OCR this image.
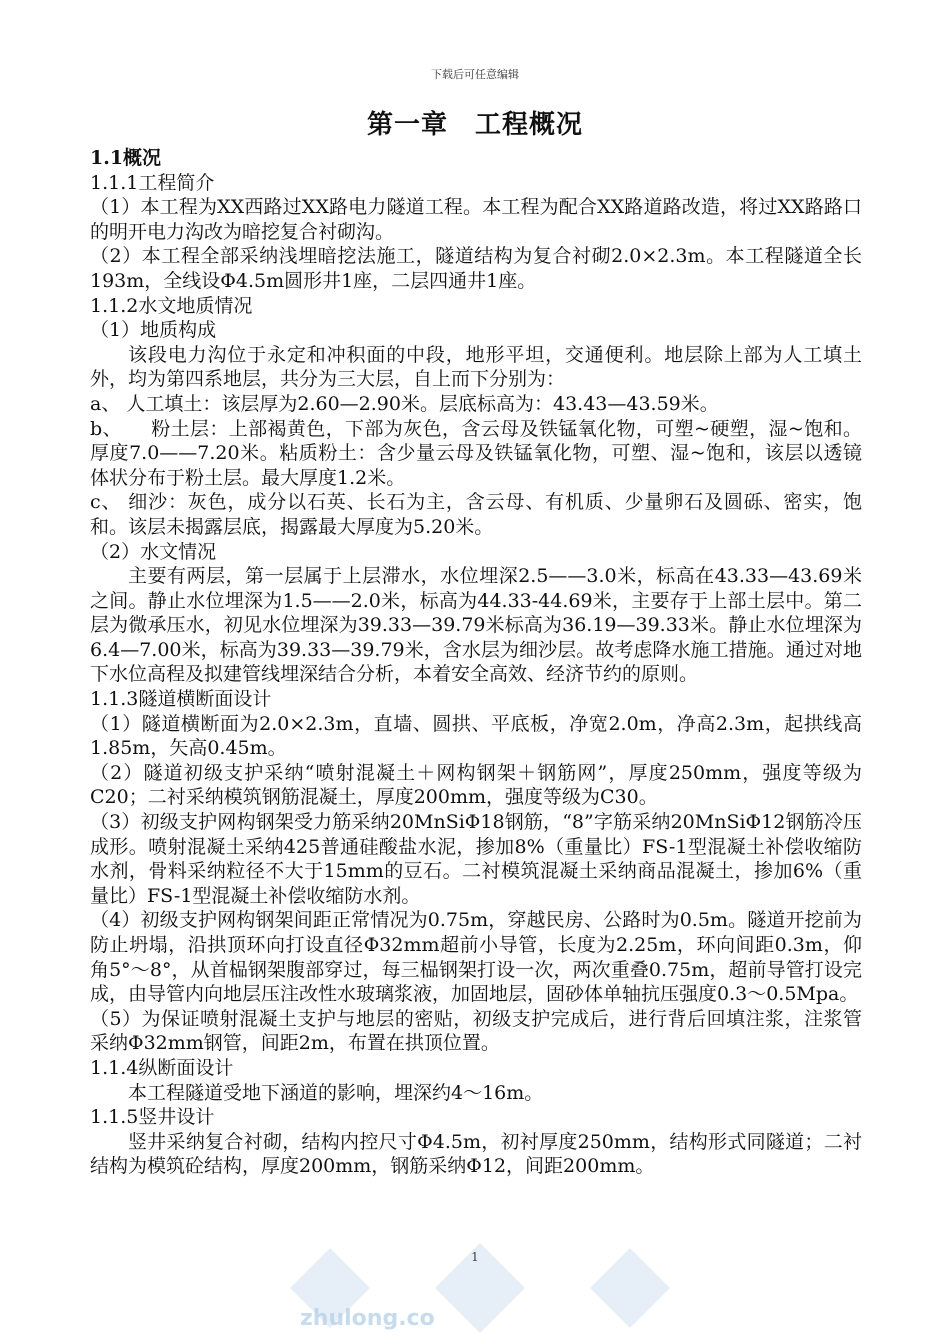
下载后可任意编辑
第一章　工程概况

1.1概况

1.1.1工程简介

（1）本工程为XX西路过XX路电力隧道工程。本工程为配合XX路道路改造，将过XX路路口的明开电力沟改为暗挖复合衬砌沟。

（2）本工程全部采纳浅埋暗挖法施工，隧道结构为复合衬砌2.0×2.3m。本工程隧道全长193m，全线设Φ4.5m圆形井1座，二层四通井1座。

1.1.2水文地质情况

（1）地质构成

该段电力沟位于永定和冲积面的中段，地形平坦，交通便利。地层除上部为人工填土外，均为第四系地层，共分为三大层，自上而下分别为：

a、 人工填土：该层厚为2.60—2.90米。层底标高为：43.43—43.59米。

b、　　粉土层：上部褐黄色，下部为灰色，含云母及铁锰氧化物，可塑~硬塑，湿~饱和。厚度7.0——7.20米。粘质粉土：含少量云母及铁锰氧化物，可塑、湿~饱和，该层以透镜体状分布于粉土层。最大厚度1.2米。

c、 细沙：灰色，成分以石英、长石为主，含云母、有机质、少量卵石及圆砾、密实，饱和。该层未揭露层底，揭露最大厚度为5.20米。

（2）水文情况

主要有两层，第一层属于上层滞水，水位埋深2.5——3.0米，标高在43.33—43.69米之间。静止水位埋深为1.5——2.0米，标高为44.33-44.69米，主要存于上部土层中。第二层为微承压水，初见水位埋深为39.33—39.79米标高为36.19—39.33米。静止水位埋深为6.4—7.00米，标高为39.33—39.79米，含水层为细沙层。故考虑降水施工措施。通过对地下水位高程及拟建管线埋深结合分析，本着安全高效、经济节约的原则。

1.1.3隧道横断面设计

（1）隧道横断面为2.0×2.3m，直墙、圆拱、平底板，净宽2.0m，净高2.3m，起拱线高1.85m，矢高0.45m。

（2）隧道初级支护采纳“喷射混凝土＋网构钢架＋钢筋网”，厚度250mm，强度等级为C20；二衬采纳模筑钢筋混凝土，厚度200mm，强度等级为C30。

（3）初级支护网构钢架受力筋采纳20MnSiΦ18钢筋，“8”字筋采纳20MnSiΦ12钢筋冷压成形。喷射混凝土采纳425普通硅酸盐水泥，掺加8%（重量比）FS-1型混凝土补偿收缩防水剂，骨料采纳粒径不大于15mm的豆石。二衬模筑混凝土采纳商品混凝土，掺加6%（重量比）FS-1型混凝土补偿收缩防水剂。

（4）初级支护网构钢架间距正常情况为0.75m，穿越民房、公路时为0.5m。隧道开挖前为防止坍塌，沿拱顶环向打设直径Φ32mm超前小导管，长度为2.25m，环向间距0.3m，仰角5°～8°，从首榀钢架腹部穿过，每三榀钢架打设一次，两次重叠0.75m，超前导管打设完成，由导管内向地层压注改性水玻璃浆液，加固地层，固砂体单轴抗压强度0.3～0.5Mpa。

（5）为保证喷射混凝土支护与地层的密贴，初级支护完成后，进行背后回填注浆，注浆管采纳Φ32mm钢管，间距2m，布置在拱顶位置。

1.1.4纵断面设计

本工程隧道受地下涵道的影响，埋深约4～16m。

1.1.5竖井设计

竖井采纳复合衬砌，结构内控尺寸Φ4.5m，初衬厚度250mm，结构形式同隧道；二衬结构为模筑砼结构，厚度200mm，钢筋采纳Φ12，间距200mm。

1
zhulong.co
